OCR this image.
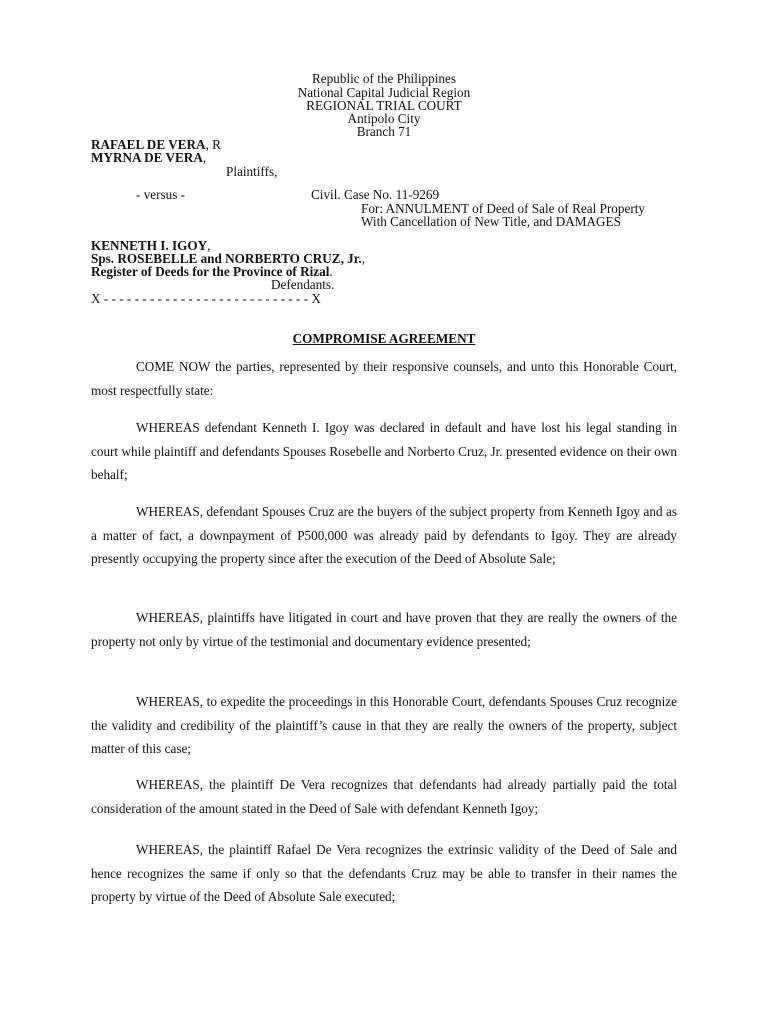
Republic of the Philippines
National Capital Judicial Region
REGIONAL TRIAL COURT
Antipolo City
Branch 71
RAFAEL DE VERA, R
MYRNA DE VERA,
Plaintiffs,
- versus -	Civil. Case No. 11-9269
For: ANNULMENT of Deed of Sale of Real Property
With Cancellation of New Title, and DAMAGES
KENNETH I. IGOY,
Sps. ROSEBELLE and NORBERTO CRUZ, Jr.,
Register of Deeds for the Province of Rizal.
Defendants.
X - - - - - - - - - - - - - - - - - - - - - - - - - - - X
COMPROMISE AGREEMENT

COME NOW the parties, represented by their responsive counsels, and unto this Honorable Court, most respectfully state:

WHEREAS defendant Kenneth I. Igoy was declared in default and have lost his legal standing in court while plaintiff and defendants Spouses Rosebelle and Norberto Cruz, Jr. presented evidence on their own behalf;

WHEREAS, defendant Spouses Cruz are the buyers of the subject property from Kenneth Igoy and as a matter of fact, a downpayment of P500,000 was already paid by defendants to Igoy. They are already presently occupying the property since after the execution of the Deed of Absolute Sale;

WHEREAS, plaintiffs have litigated in court and have proven that they are really the owners of the property not only by virtue of the testimonial and documentary evidence presented;

WHEREAS, to expedite the proceedings in this Honorable Court, defendants Spouses Cruz recognize the validity and credibility of the plaintiff’s cause in that they are really the owners of the property, subject matter of this case;

WHEREAS, the plaintiff De Vera recognizes that defendants had already partially paid the total consideration of the amount stated in the Deed of Sale with defendant Kenneth Igoy;

WHEREAS, the plaintiff Rafael De Vera recognizes the extrinsic validity of the Deed of Sale and hence recognizes the same if only so that the defendants Cruz may be able to transfer in their names the property by virtue of the Deed of Absolute Sale executed;
